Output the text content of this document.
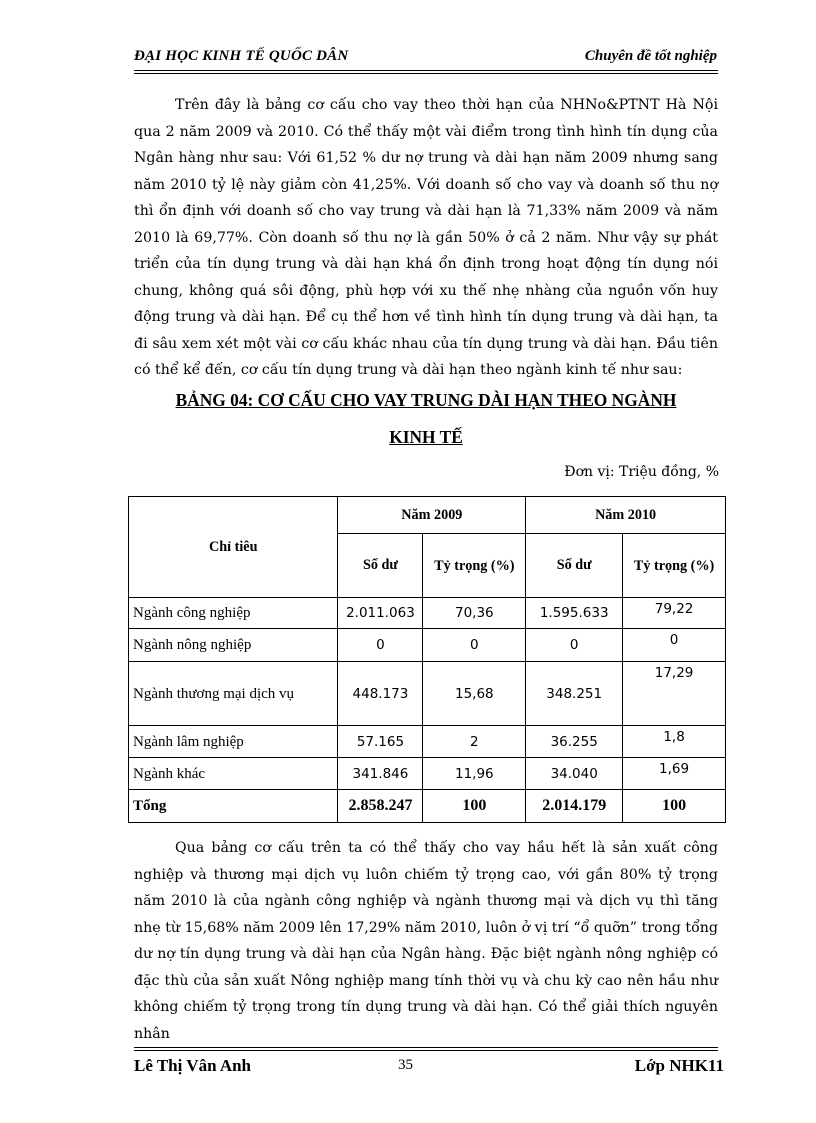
ĐẠI HỌC KINH TẾ QUỐC DÂN	Chuyên đề tốt nghiệp
Trên đây là bảng cơ cấu cho vay theo thời hạn của NHNo&PTNT Hà Nội qua 2 năm 2009 và 2010. Có thể thấy một vài điểm trong tình hình tín dụng của Ngân hàng như sau: Với 61,52 % dư nợ trung và dài hạn năm 2009 nhưng sang năm 2010 tỷ lệ này giảm còn 41,25%. Với doanh số cho vay và doanh số thu nợ thì ổn định với doanh số cho vay trung và dài hạn là 71,33% năm 2009 và năm 2010 là 69,77%. Còn doanh số thu nợ là gần 50% ở cả 2 năm. Như vậy sự phát triển của tín dụng trung và dài hạn khá ổn định trong hoạt động tín dụng nói chung, không quá sôi động, phù hợp với xu thế nhẹ nhàng của nguồn vốn huy động trung và dài hạn. Để cụ thể hơn về tình hình tín dụng trung và dài hạn, ta đi sâu xem xét một vài cơ cấu khác nhau của tín dụng trung và dài hạn. Đầu tiên có thể kể đến, cơ cấu tín dụng trung và dài hạn theo ngành kinh tế như sau:
BẢNG 04: CƠ CẤU CHO VAY TRUNG DÀI HẠN THEO NGÀNH
KINH TẾ
Đơn vị: Triệu đồng, %
Chỉ tiêu	Năm 2009		Năm 2010	
	Số dư	Tỷ trọng (%)	Số dư	Tỷ trọng (%)
Ngành công nghiệp	2.011.063	70,36	1.595.633	79,22
Ngành nông nghiệp	0	0	0	0
Ngành thương mại dịch vụ	448.173	15,68	348.251	17,29
Ngành lâm nghiệp	57.165	2	36.255	1,8
Ngành khác	341.846	11,96	34.040	1,69
Tổng	2.858.247	100	2.014.179	100
Qua bảng cơ cấu trên ta có thể thấy cho vay hầu hết là sản xuất công nghiệp và thương mại dịch vụ luôn chiếm tỷ trọng cao, với gần 80% tỷ trọng năm 2010 là của ngành công nghiệp và ngành thương mại và dịch vụ thì tăng nhẹ từ 15,68% năm 2009 lên 17,29% năm 2010, luôn ở vị trí “ổ quỡn” trong tổng dư nợ tín dụng trung và dài hạn của Ngân hàng. Đặc biệt ngành nông nghiệp có đặc thù của sản xuất Nông nghiệp mang tính thời vụ và chu kỳ cao nên hầu như không chiếm tỷ trọng trong tín dụng trung và dài hạn. Có thể giải thích nguyên nhân
Lê Thị Vân Anh	35	Lớp NHK11
